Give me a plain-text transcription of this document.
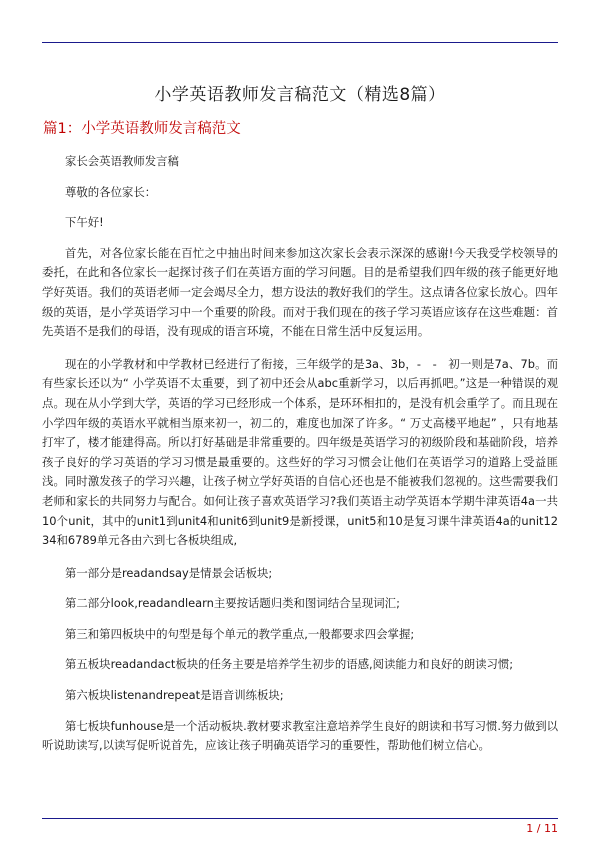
小学英语教师发言稿范文（精选8篇）
篇1：小学英语教师发言稿范文

家长会英语教师发言稿

尊敬的各位家长：

下午好!

首先，对各位家长能在百忙之中抽出时间来参加这次家长会表示深深的感谢!今天我受学校领导的委托，在此和各位家长一起探讨孩子们在英语方面的学习问题。目的是希望我们四年级的孩子能更好地学好英语。我们的英语老师一定会竭尽全力，想方设法的教好我们的学生。这点请各位家长放心。四年级的英语，是小学英语学习中一个重要的阶段。而对于我们现在的孩子学习英语应该存在这些难题：首先英语不是我们的母语，没有现成的语言环境，不能在日常生活中反复运用。

现在的小学教材和中学教材已经进行了衔接，三年级学的是3a、3b，-　-　初一则是7a、7b。而有些家长还以为“ 小学英语不太重要，到了初中还会从abc重新学习，以后再抓吧。”这是一种错误的观点。现在从小学到大学，英语的学习已经形成一个体系，是环环相扣的，是没有机会重学了。而且现在小学四年级的英语水平就相当原来初一，初二的，难度也加深了许多。“ 万丈高楼平地起” ，只有地基打牢了，楼才能建得高。所以打好基础是非常重要的。四年级是英语学习的初级阶段和基础阶段，培养孩子良好的学习英语的学习习惯是最重要的。这些好的学习习惯会让他们在英语学习的道路上受益匪浅。同时激发孩子的学习兴趣，让孩子树立学好英语的自信心还也是不能被我们忽视的。这些需要我们老师和家长的共同努力与配合。如何让孩子喜欢英语学习?我们英语主动学英语本学期牛津英语4a一共10个unit，其中的unit1到unit4和unit6到unit9是新授课，unit5和10是复习课牛津英语4a的unit1234和6789单元各由六到七各板块组成,

第一部分是readandsay是情景会话板块;

第二部分look,readandlearn主要按话题归类和图词结合呈现词汇;

第三和第四板块中的句型是每个单元的教学重点,一般都要求四会掌握;

第五板块readandact板块的任务主要是培养学生初步的语感,阅读能力和良好的朗读习惯;

第六板块listenandrepeat是语音训练板块;

第七板块funhouse是一个活动板块.教材要求教室注意培养学生良好的朗读和书写习惯.努力做到以听说助读写,以读写促听说首先，应该让孩子明确英语学习的重要性，帮助他们树立信心。

1 / 11
